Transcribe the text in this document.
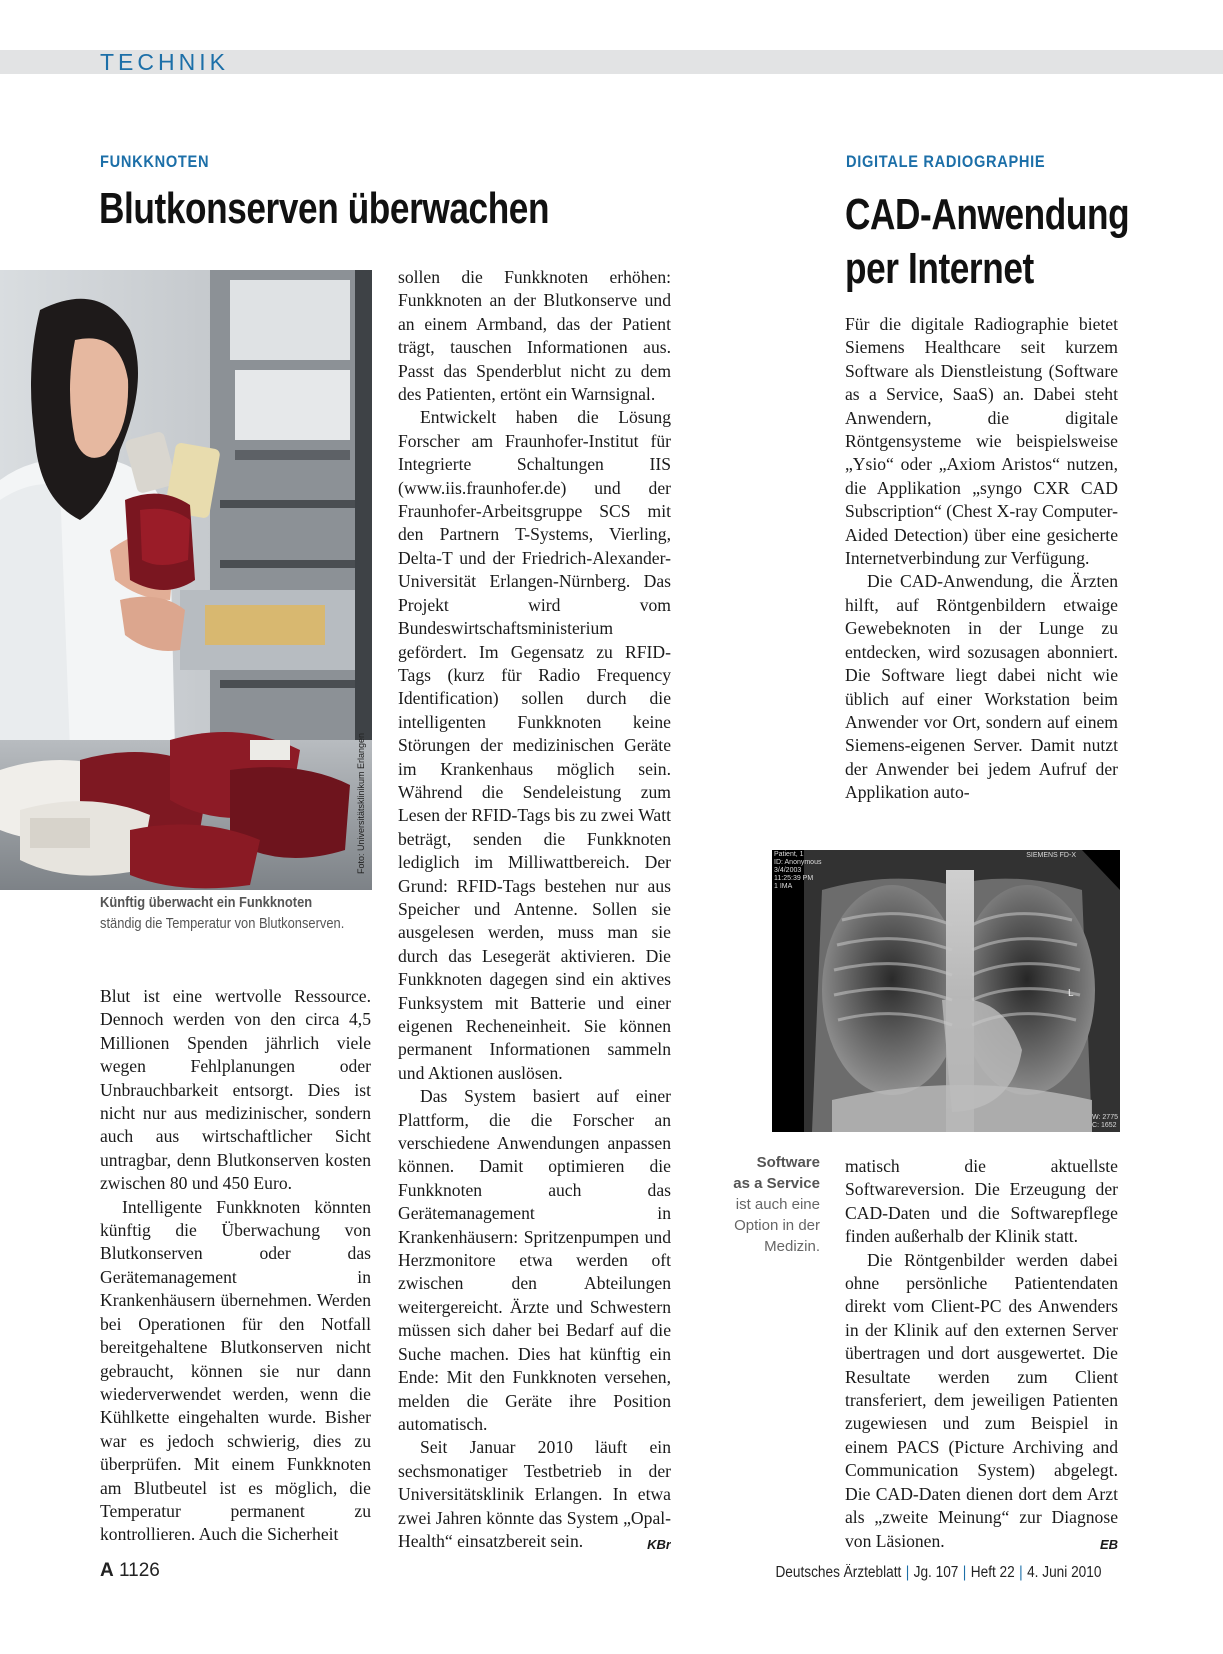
TECHNIK
FUNKKNOTEN
Blutkonserven überwachen
Foto: Universitätsklinikum Erlangen
Künftig überwacht ein Funkknoten
ständig die Temperatur von Blutkonserven.

Blut ist eine wertvolle Ressource. Dennoch werden von den circa 4,5 Millionen Spenden jährlich viele wegen Fehlplanungen oder Unbrauchbarkeit entsorgt. Dies ist nicht nur aus medizinischer, sondern auch aus wirtschaftlicher Sicht untragbar, denn Blutkonserven kosten zwischen 80 und 450 Euro.

Intelligente Funkknoten könnten künftig die Überwachung von Blutkonserven oder das Gerätemanagement in Krankenhäusern übernehmen. Werden bei Operationen für den Notfall bereitgehaltene Blutkonserven nicht gebraucht, können sie nur dann wiederverwendet werden, wenn die Kühlkette eingehalten wurde. Bisher war es jedoch schwierig, dies zu überprüfen. Mit einem Funkknoten am Blutbeutel ist es möglich, die Temperatur permanent zu kontrollieren. Auch die Sicherheit

sollen die Funkknoten erhöhen: Funkknoten an der Blutkonserve und an einem Armband, das der Patient trägt, tauschen Informationen aus. Passt das Spenderblut nicht zu dem des Patienten, ertönt ein Warnsignal.

Entwickelt haben die Lösung Forscher am Fraunhofer-Institut für Integrierte Schaltungen IIS (www.iis.fraunhofer.de) und der Fraunhofer-Arbeitsgruppe SCS mit den Partnern T-Systems, Vierling, Delta-T und der Friedrich-Alexander-Universität Erlangen-Nürnberg. Das Projekt wird vom Bundeswirtschaftsministerium gefördert. Im Gegensatz zu RFID-Tags (kurz für Radio Frequency Identification) sollen durch die intelligenten Funkknoten keine Störungen der medizinischen Geräte im Krankenhaus möglich sein. Während die Sendeleistung zum Lesen der RFID-Tags bis zu zwei Watt beträgt, senden die Funkknoten lediglich im Milliwattbereich. Der Grund: RFID-Tags bestehen nur aus Speicher und Antenne. Sollen sie ausgelesen werden, muss man sie durch das Lesegerät aktivieren. Die Funkknoten dagegen sind ein aktives Funksystem mit Batterie und einer eigenen Recheneinheit. Sie können permanent Informationen sammeln und Aktionen auslösen.

Das System basiert auf einer Plattform, die die Forscher an verschiedene Anwendungen anpassen können. Damit optimieren die Funkknoten auch das Gerätemanagement in Krankenhäusern: Spritzenpumpen und Herzmonitore etwa werden oft zwischen den Abteilungen weitergereicht. Ärzte und Schwestern müssen sich daher bei Bedarf auf die Suche machen. Dies hat künftig ein Ende: Mit den Funkknoten versehen, melden die Geräte ihre Position automatisch.

Seit Januar 2010 läuft ein sechsmonatiger Testbetrieb in der Universitätsklinik Erlangen. In etwa zwei Jahren könnte das System „Opal-Health“ einsatzbereit sein.	KBr

DIGITALE RADIOGRAPHIE
CAD-Anwendung
per Internet

Für die digitale Radiographie bietet Siemens Healthcare seit kurzem Software als Dienstleistung (Software as a Service, SaaS) an. Dabei steht Anwendern, die digitale Röntgensysteme wie beispielsweise „Ysio“ oder „Axiom Aristos“ nutzen, die Applikation „syngo CXR CAD Subscription“ (Chest X-ray Computer-Aided Detection) über eine gesicherte Internetverbindung zur Verfügung.

Die CAD-Anwendung, die Ärzten hilft, auf Röntgenbildern etwaige Gewebeknoten in der Lunge zu entdecken, wird sozusagen abonniert. Die Software liegt dabei nicht wie üblich auf einer Workstation beim Anwender vor Ort, sondern auf einem Siemens-eigenen Server. Damit nutzt der Anwender bei jedem Aufruf der Applikation auto-

Patient, 1
ID: Anonymous
3/4/2003
11:25:39 PM
1 IMA
SIEMENS FD-X
L
W: 2775
C: 1652
Software
as a Service
ist auch eine
Option in der
Medizin.

matisch die aktuellste Softwareversion. Die Erzeugung der CAD-Daten und die Softwarepflege finden außerhalb der Klinik statt.

Die Röntgenbilder werden dabei ohne persönliche Patientendaten direkt vom Client-PC des Anwenders in der Klinik auf den externen Server übertragen und dort ausgewertet. Die Resultate werden zum Client transferiert, dem jeweiligen Patienten zugewiesen und zum Beispiel in einem PACS (Picture Archiving and Communication System) abgelegt. Die CAD-Daten dienen dort dem Arzt als „zweite Meinung“ zur Diagnose von Läsionen.	EB

A 1126	Deutsches Ärzteblatt | Jg. 107 | Heft 22 | 4. Juni 2010
